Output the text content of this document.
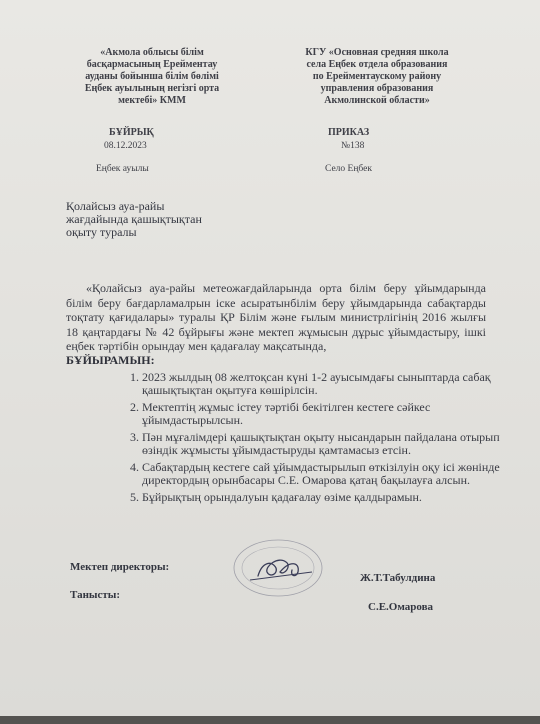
«Акмола облысы білім
басқармасының Ерейментау
ауданы бойынша білім бөлімі
Еңбек ауылының негізгі орта
мектебі» КММ
КГУ «Основная средняя школа
села Еңбек отдела образования
по Ерейментаускому району
управления образования
Акмолинской области»
БҰЙРЫҚ
08.12.2023
Еңбек ауылы
ПРИКАЗ
№138
Село Еңбек
Қолайсыз ауа-райы
жағдайында қашықтықтан
оқыту туралы
«Қолайсыз ауа-райы метеожағдайларында орта білім беру ұйымдарында білім беру бағдарламалрын іске асыратынбілім беру ұйымдарында сабақтарды тоқтату қағидалары» туралы ҚР Білім және ғылым министрлігінің 2016 жылғы 18 қаңтардағы № 42 бұйрығы және мектеп жұмысын дұрыс ұйымдастыру, ішкі еңбек тәртібін орындау мен қадағалау мақсатында,
БҰЙЫРАМЫН:
1. 2023 жылдың 08 желтоқсан күні 1-2 ауысымдағы сыныптарда сабақ қашықтықтан оқытуға көшірілсін.
2. Мектептің жұмыс істеу тәртібі бекітілген кестеге сәйкес ұйымдастырылсын.
3. Пән мұғалімдері қашықтықтан оқыту нысандарын пайдалана отырып өзіндік жұмысты ұйымдастыруды қамтамасыз етсін.
4. Сабақтардың кестеге сай ұйымдастырылып өткізілуін оқу ісі жөнінде директордың орынбасары С.Е. Омарова қатаң бақылауға алсын.
5. Бұйрықтың орындалуын қадағалау өзіме қалдырамын.
Мектеп директоры:
Ж.Т.Табулдина
Танысты:
С.Е.Омарова
